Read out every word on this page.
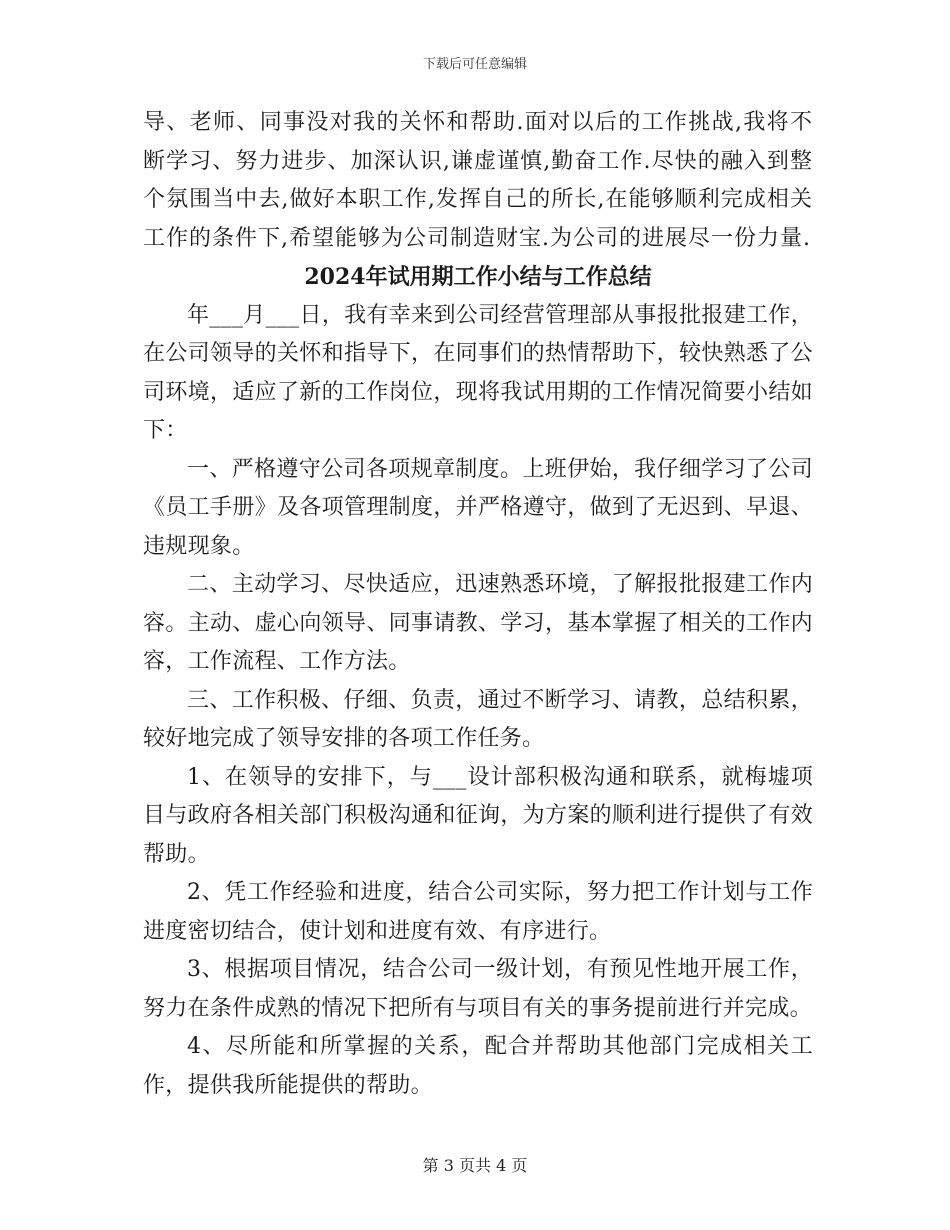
下载后可任意编辑

导、老师、同事没对我的关怀和帮助.面对以后的工作挑战,我将不断学习、努力进步、加深认识,谦虚谨慎,勤奋工作.尽快的融入到整个氛围当中去,做好本职工作,发挥自己的所长,在能够顺利完成相关工作的条件下,希望能够为公司制造财宝.为公司的进展尽一份力量.

2024年试用期工作小结与工作总结

年___月___日，我有幸来到公司经营管理部从事报批报建工作，在公司领导的关怀和指导下，在同事们的热情帮助下，较快熟悉了公司环境，适应了新的工作岗位，现将我试用期的工作情况简要小结如下：

一、严格遵守公司各项规章制度。上班伊始，我仔细学习了公司《员工手册》及各项管理制度，并严格遵守，做到了无迟到、早退、违规现象。

二、主动学习、尽快适应，迅速熟悉环境，了解报批报建工作内容。主动、虚心向领导、同事请教、学习，基本掌握了相关的工作内容，工作流程、工作方法。

三、工作积极、仔细、负责，通过不断学习、请教，总结积累，较好地完成了领导安排的各项工作任务。

1、在领导的安排下，与___设计部积极沟通和联系，就梅墟项目与政府各相关部门积极沟通和征询，为方案的顺利进行提供了有效帮助。

2、凭工作经验和进度，结合公司实际，努力把工作计划与工作进度密切结合，使计划和进度有效、有序进行。

3、根据项目情况，结合公司一级计划，有预见性地开展工作，努力在条件成熟的情况下把所有与项目有关的事务提前进行并完成。

4、尽所能和所掌握的关系，配合并帮助其他部门完成相关工作，提供我所能提供的帮助。

第 3 页共 4 页
